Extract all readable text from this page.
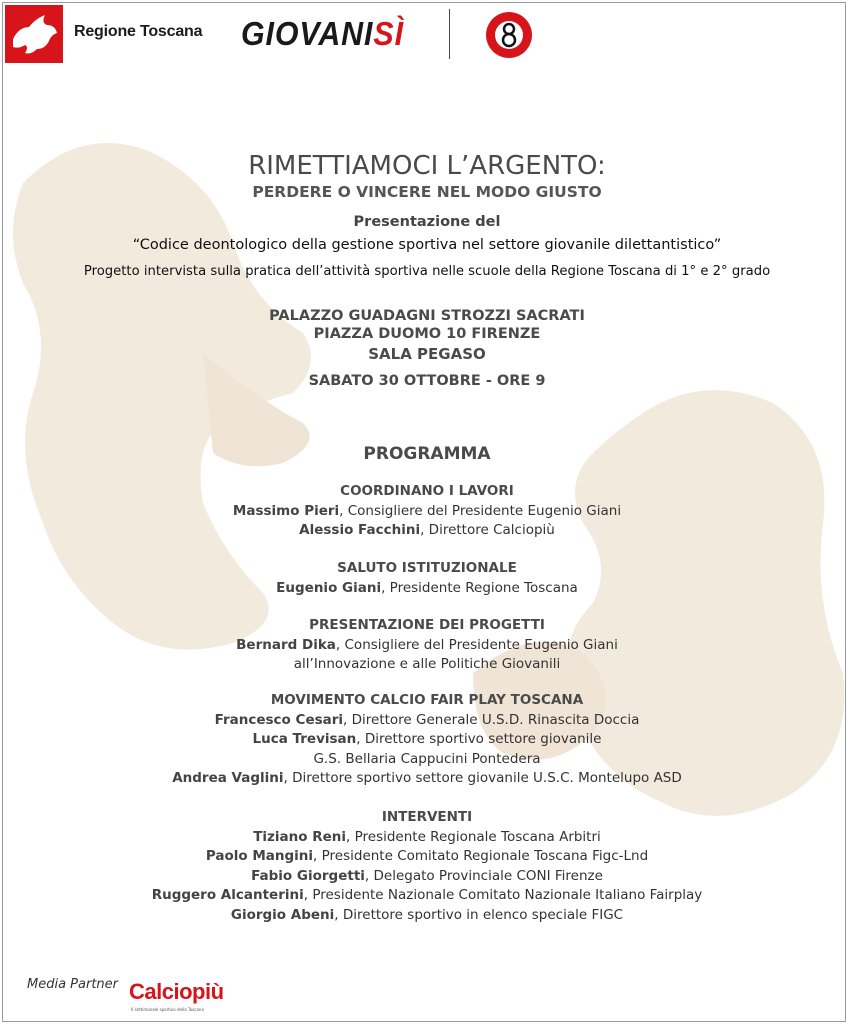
Regione Toscana GIOVANISÌ
RIMETTIAMOCI L’ARGENTO:
PERDERE O VINCERE NEL MODO GIUSTO
Presentazione del
“Codice deontologico della gestione sportiva nel settore giovanile dilettantistico”
Progetto intervista sulla pratica dell’attività sportiva nelle scuole della Regione Toscana di 1° e 2° grado
PALAZZO GUADAGNI STROZZI SACRATI
PIAZZA DUOMO 10 FIRENZE
SALA PEGASO
SABATO 30 OTTOBRE - ORE 9
PROGRAMMA
COORDINANO I LAVORI
Massimo Pieri, Consigliere del Presidente Eugenio Giani
Alessio Facchini, Direttore Calciopiù
SALUTO ISTITUZIONALE
Eugenio Giani, Presidente Regione Toscana
PRESENTAZIONE DEI PROGETTI
Bernard Dika, Consigliere del Presidente Eugenio Giani
all’Innovazione e alle Politiche Giovanili
MOVIMENTO CALCIO FAIR PLAY TOSCANA
Francesco Cesari, Direttore Generale U.S.D. Rinascita Doccia
Luca Trevisan, Direttore sportivo settore giovanile
G.S. Bellaria Cappucini Pontedera
Andrea Vaglini, Direttore sportivo settore giovanile U.S.C. Montelupo ASD
INTERVENTI
Tiziano Reni, Presidente Regionale Toscana Arbitri
Paolo Mangini, Presidente Comitato Regionale Toscana Figc-Lnd
Fabio Giorgetti, Delegato Provinciale CONI Firenze
Ruggero Alcanterini, Presidente Nazionale Comitato Nazionale Italiano Fairplay
Giorgio Abeni, Direttore sportivo in elenco speciale FIGC
Media Partner Calciopiù
Il settimanale sportivo della Toscana
